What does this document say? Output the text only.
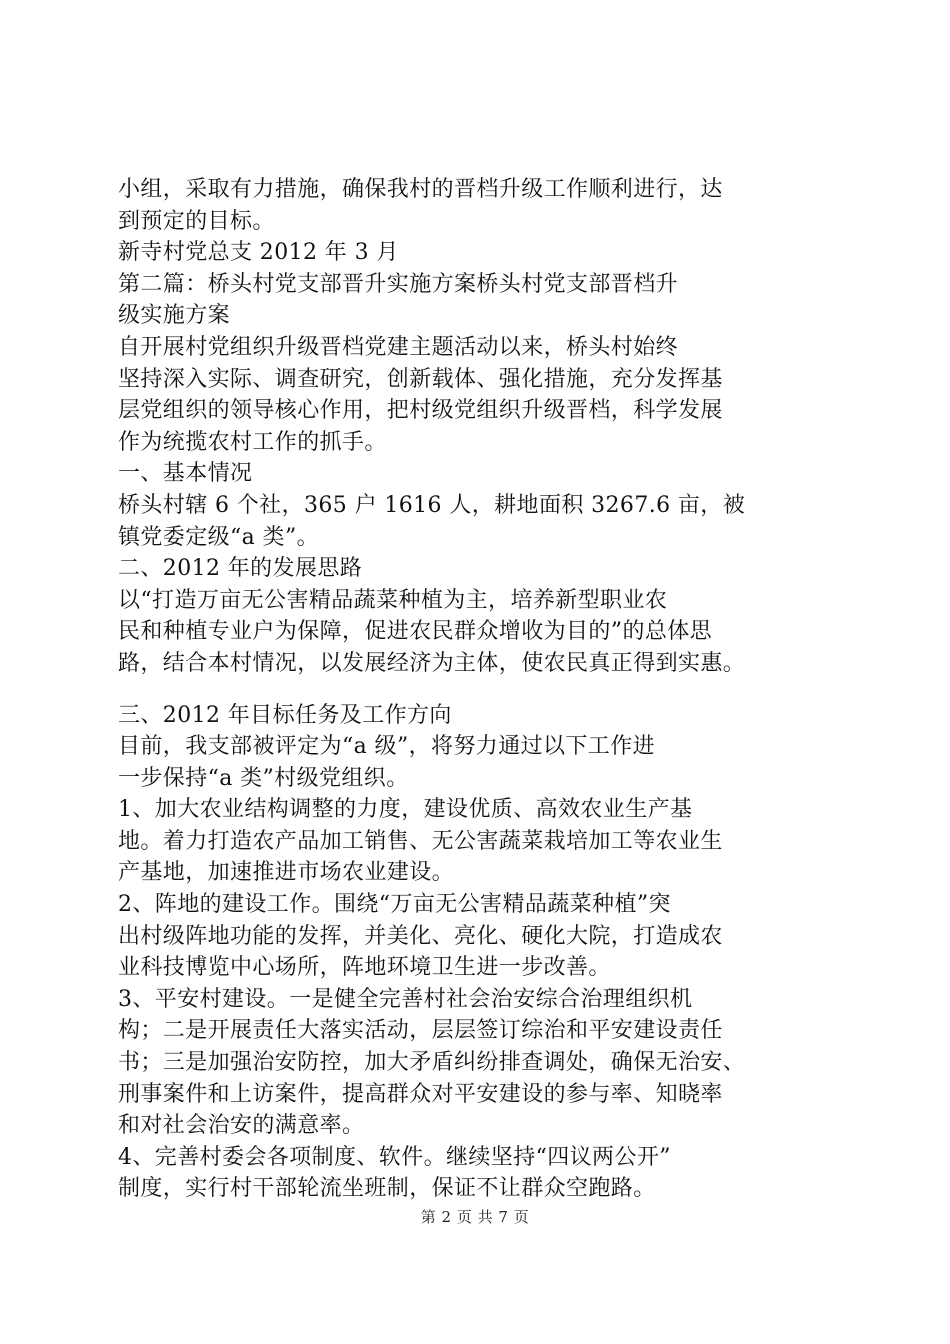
小组，采取有力措施，确保我村的晋档升级工作顺利进行，达
到预定的目标。
新寺村党总支 2012 年 3 月
第二篇：桥头村党支部晋升实施方案桥头村党支部晋档升
级实施方案
自开展村党组织升级晋档党建主题活动以来，桥头村始终
坚持深入实际、调查研究，创新载体、强化措施，充分发挥基
层党组织的领导核心作用，把村级党组织升级晋档，科学发展
作为统揽农村工作的抓手。
一、基本情况
桥头村辖 6 个社，365 户 1616 人，耕地面积 3267.6 亩，被
镇党委定级“a 类”。
二、2012 年的发展思路
以“打造万亩无公害精品蔬菜种植为主，培养新型职业农
民和种植专业户为保障，促进农民群众增收为目的”的总体思
路，结合本村情况，以发展经济为主体，使农民真正得到实惠。
三、2012 年目标任务及工作方向
目前，我支部被评定为“a 级”，将努力通过以下工作进
一步保持“a 类”村级党组织。
1、加大农业结构调整的力度，建设优质、高效农业生产基
地。着力打造农产品加工销售、无公害蔬菜栽培加工等农业生
产基地，加速推进市场农业建设。
2、阵地的建设工作。围绕“万亩无公害精品蔬菜种植”突
出村级阵地功能的发挥，并美化、亮化、硬化大院，打造成农
业科技博览中心场所，阵地环境卫生进一步改善。
3、平安村建设。一是健全完善村社会治安综合治理组织机
构；二是开展责任大落实活动，层层签订综治和平安建设责任
书；三是加强治安防控，加大矛盾纠纷排查调处，确保无治安、
刑事案件和上访案件，提高群众对平安建设的参与率、知晓率
和对社会治安的满意率。
4、完善村委会各项制度、软件。继续坚持“四议两公开”
制度，实行村干部轮流坐班制，保证不让群众空跑路。
第 2 页 共 7 页
